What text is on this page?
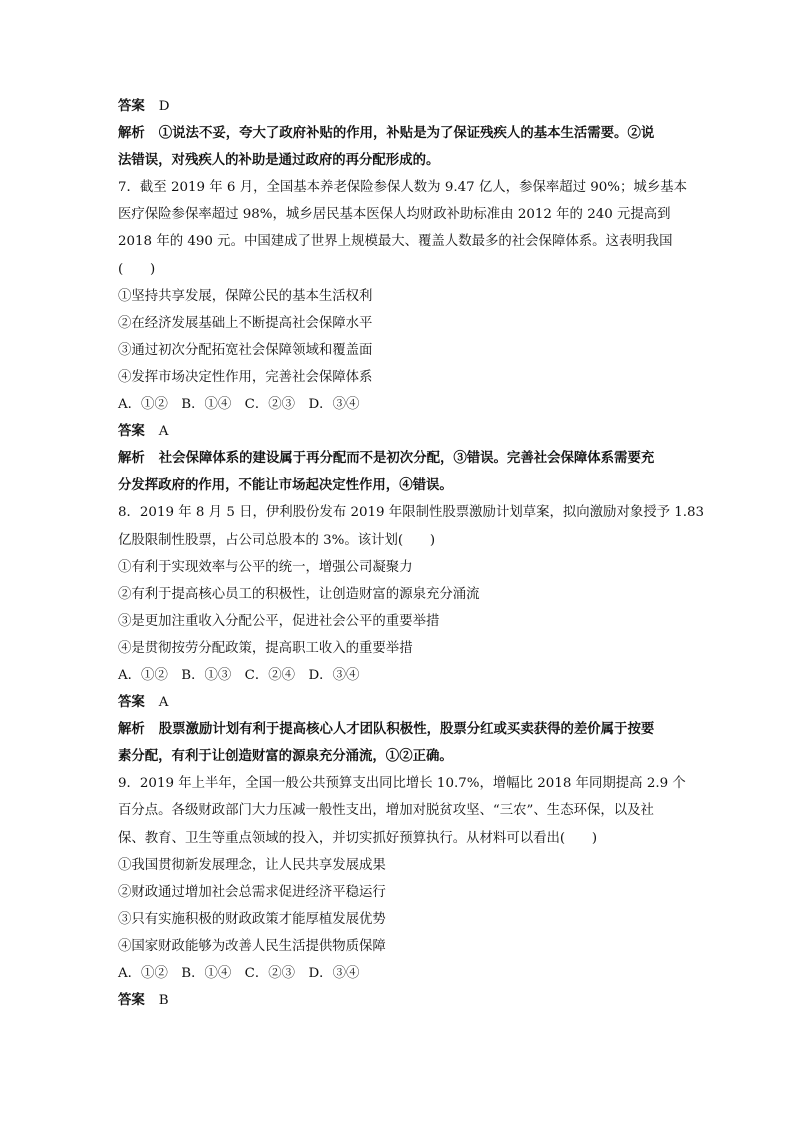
答案 D
解析 ①说法不妥，夸大了政府补贴的作用，补贴是为了保证残疾人的基本生活需要。②说
法错误，对残疾人的补助是通过政府的再分配形成的。
7．截至 2019 年 6 月，全国基本养老保险参保人数为 9.47 亿人，参保率超过 90%；城乡基本
医疗保险参保率超过 98%，城乡居民基本医保人均财政补助标准由 2012 年的 240 元提高到
2018 年的 490 元。中国建成了世界上规模最大、覆盖人数最多的社会保障体系。这表明我国
(　　)
①坚持共享发展，保障公民的基本生活权利
②在经济发展基础上不断提高社会保障水平
③通过初次分配拓宽社会保障领域和覆盖面
④发挥市场决定性作用，完善社会保障体系
A．①②　B．①④　C．②③　D．③④
答案 A
解析 社会保障体系的建设属于再分配而不是初次分配，③错误。完善社会保障体系需要充
分发挥政府的作用，不能让市场起决定性作用，④错误。
8．2019 年 8 月 5 日，伊利股份发布 2019 年限制性股票激励计划草案，拟向激励对象授予 1.83
亿股限制性股票，占公司总股本的 3%。该计划(　　)
①有利于实现效率与公平的统一，增强公司凝聚力
②有利于提高核心员工的积极性，让创造财富的源泉充分涌流
③是更加注重收入分配公平，促进社会公平的重要举措
④是贯彻按劳分配政策，提高职工收入的重要举措
A．①②　B．①③　C．②④　D．③④
答案 A
解析 股票激励计划有利于提高核心人才团队积极性，股票分红或买卖获得的差价属于按要
素分配，有利于让创造财富的源泉充分涌流，①②正确。
9．2019 年上半年，全国一般公共预算支出同比增长 10.7%，增幅比 2018 年同期提高 2.9 个
百分点。各级财政部门大力压减一般性支出，增加对脱贫攻坚、“三农”、生态环保，以及社
保、教育、卫生等重点领域的投入，并切实抓好预算执行。从材料可以看出(　　)
①我国贯彻新发展理念，让人民共享发展成果
②财政通过增加社会总需求促进经济平稳运行
③只有实施积极的财政政策才能厚植发展优势
④国家财政能够为改善人民生活提供物质保障
A．①②　B．①④　C．②③　D．③④
答案 B
